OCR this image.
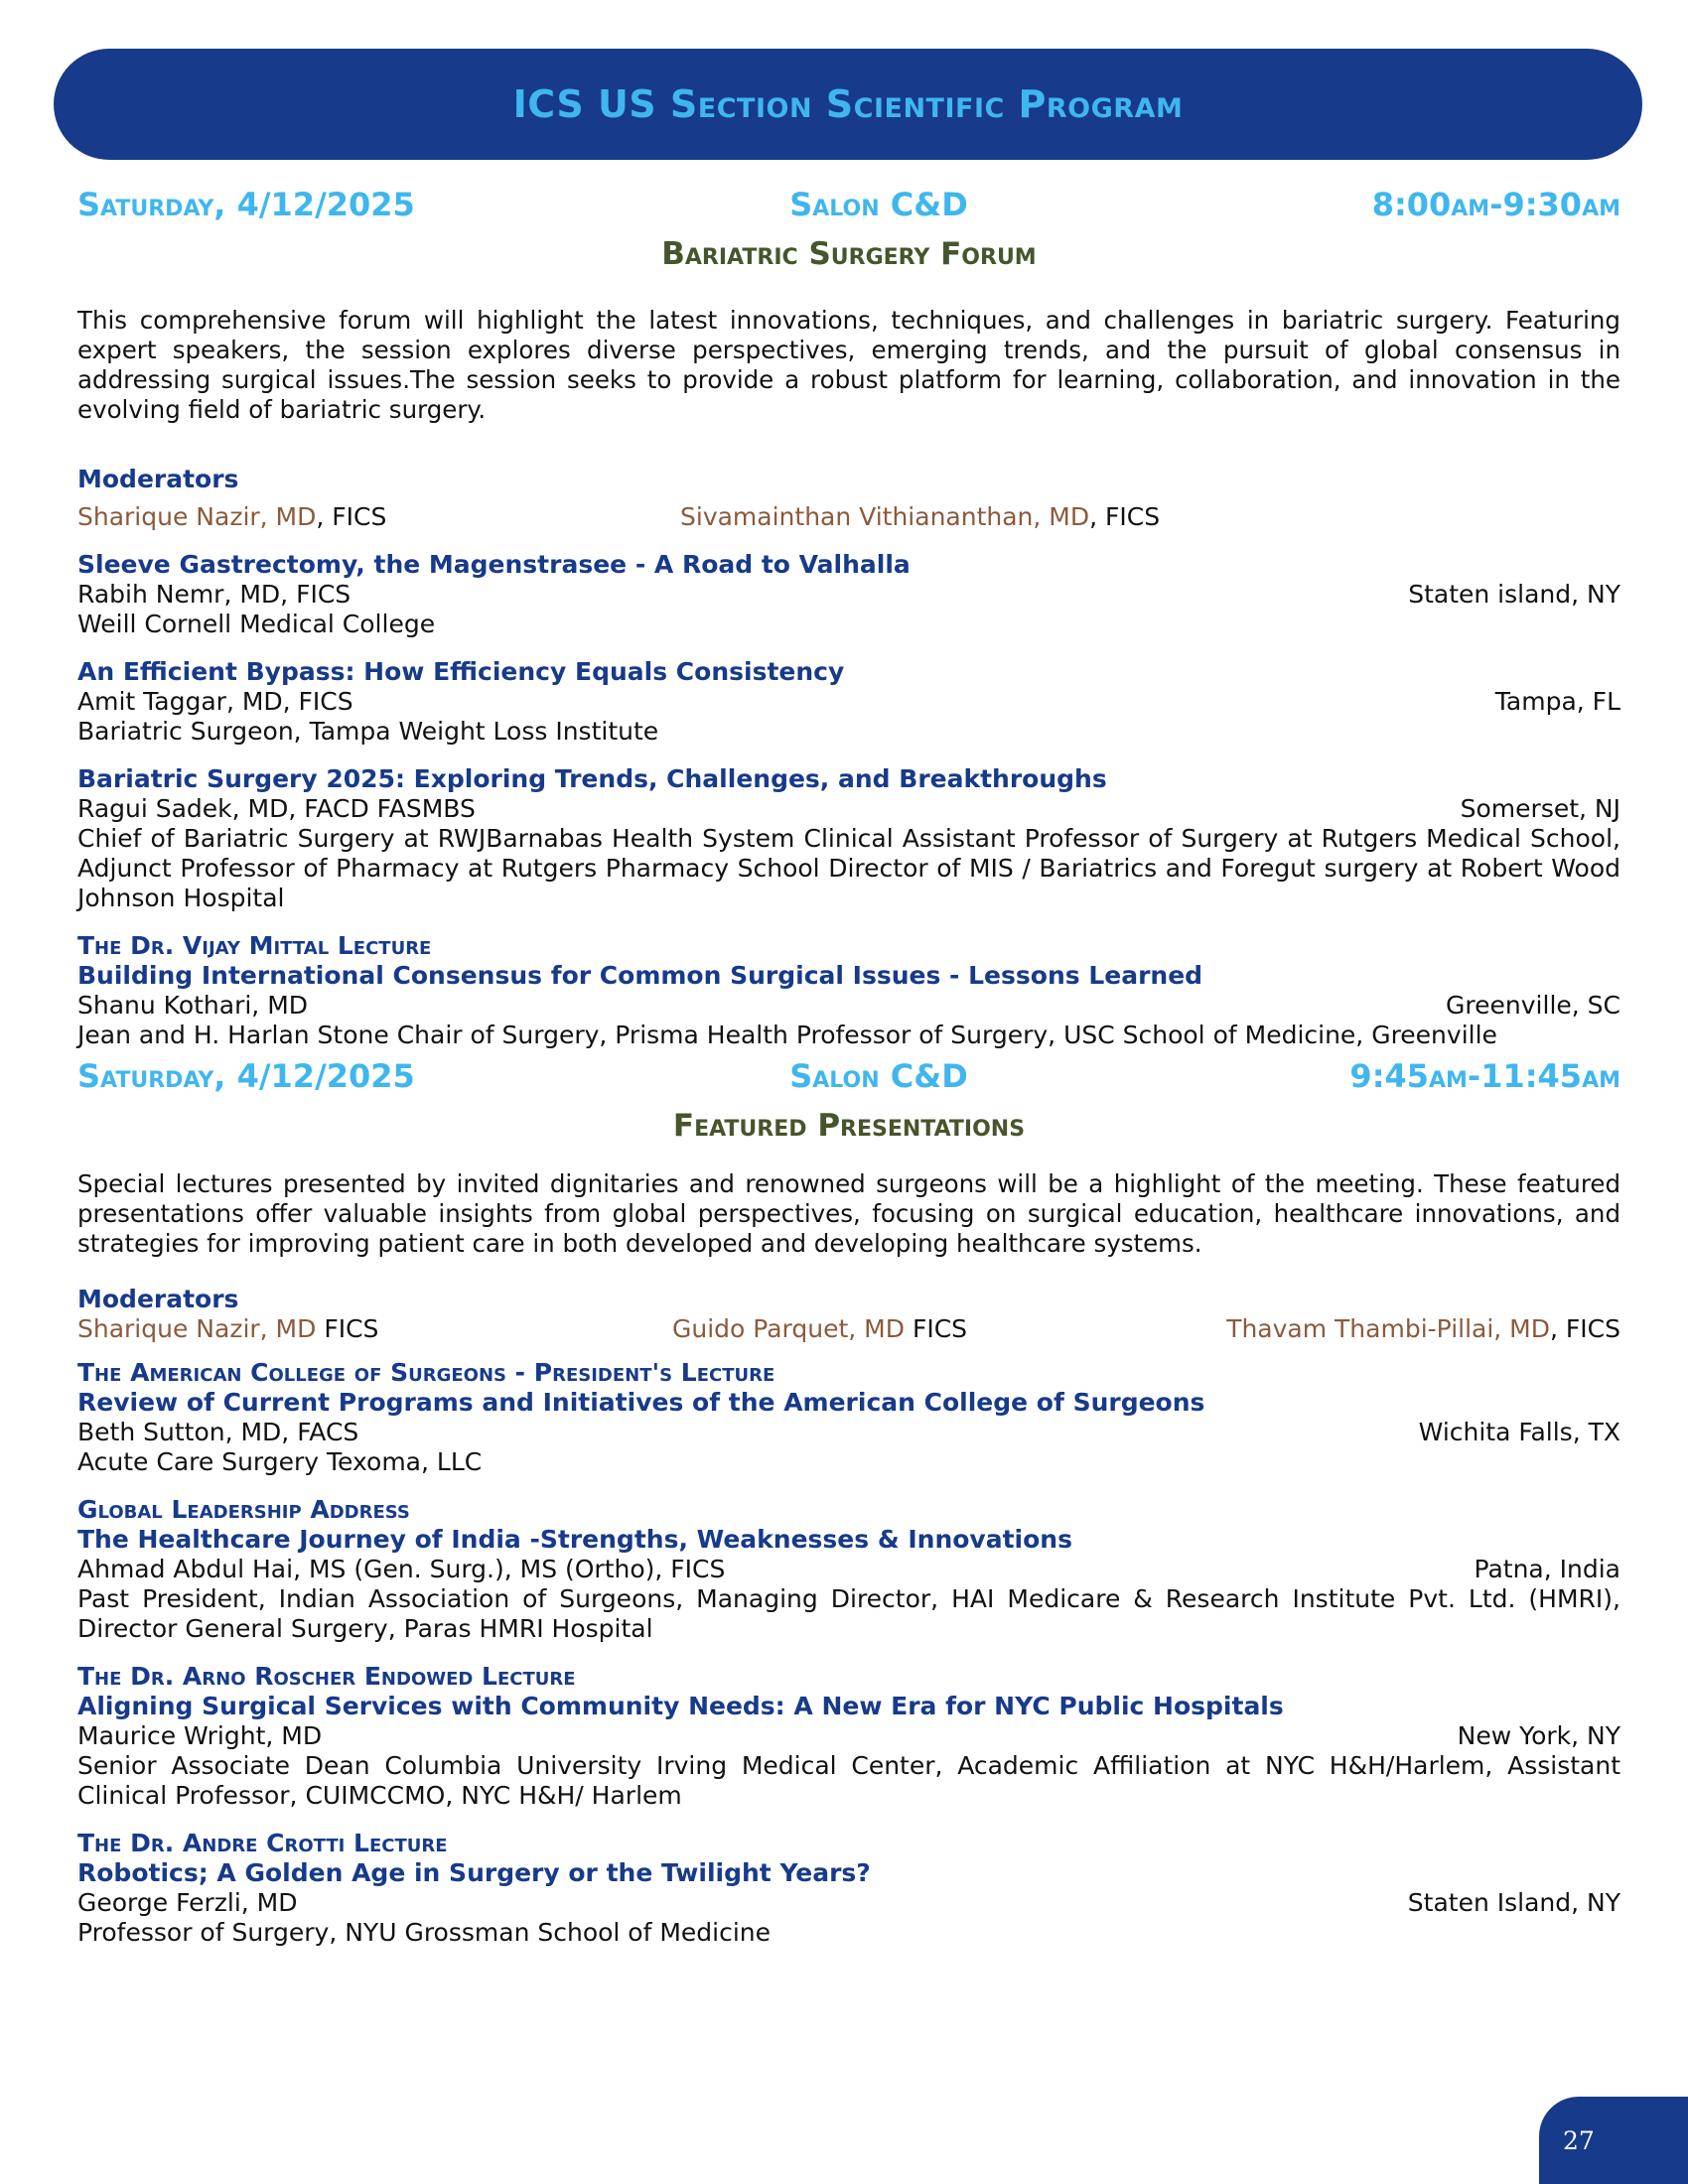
ICS US Section Scientific Program
Saturday, 4/12/2025	Salon C&D	8:00am-9:30am
Bariatric Surgery Forum
This comprehensive forum will highlight the latest innovations, techniques, and challenges in bariatric surgery. Featuring expert speakers, the session explores diverse perspectives, emerging trends, and the pursuit of global consensus in addressing surgical issues.The session seeks to provide a robust platform for learning, collaboration, and innovation in the evolving field of bariatric surgery.
Moderators
Sharique Nazir, MD, FICS	Sivamainthan Vithiananthan, MD, FICS
Sleeve Gastrectomy, the Magenstrasee - A Road to Valhalla
Rabih Nemr, MD, FICS	Staten island, NY
Weill Cornell Medical College
An Efficient Bypass: How Efficiency Equals Consistency
Amit Taggar, MD, FICS	Tampa, FL
Bariatric Surgeon, Tampa Weight Loss Institute
Bariatric Surgery 2025: Exploring Trends, Challenges, and Breakthroughs
Ragui Sadek, MD, FACD FASMBS	Somerset, NJ
Chief of Bariatric Surgery at RWJBarnabas Health System Clinical Assistant Professor of Surgery at Rutgers Medical School, Adjunct Professor of Pharmacy at Rutgers Pharmacy School Director of MIS / Bariatrics and Foregut surgery at Robert Wood Johnson Hospital
The Dr. Vijay Mittal Lecture
Building International Consensus for Common Surgical Issues - Lessons Learned
Shanu Kothari, MD	Greenville, SC
Jean and H. Harlan Stone Chair of Surgery, Prisma Health Professor of Surgery, USC School of Medicine, Greenville
Saturday, 4/12/2025	Salon C&D	9:45am-11:45am
Featured Presentations
Special lectures presented by invited dignitaries and renowned surgeons will be a highlight of the meeting. These featured presentations offer valuable insights from global perspectives, focusing on surgical education, healthcare innovations, and strategies for improving patient care in both developed and developing healthcare systems.
Moderators
Sharique Nazir, MD FICS	Guido Parquet, MD FICS	Thavam Thambi-Pillai, MD, FICS
The American College of Surgeons - President's Lecture
Review of Current Programs and Initiatives of the American College of Surgeons
Beth Sutton, MD, FACS	Wichita Falls, TX
Acute Care Surgery Texoma, LLC
Global Leadership Address
The Healthcare Journey of India -Strengths, Weaknesses & Innovations
Ahmad Abdul Hai, MS (Gen. Surg.), MS (Ortho), FICS	Patna, India
Past President, Indian Association of Surgeons, Managing Director, HAI Medicare & Research Institute Pvt. Ltd. (HMRI), Director General Surgery, Paras HMRI Hospital
The Dr. Arno Roscher Endowed Lecture
Aligning Surgical Services with Community Needs: A New Era for NYC Public Hospitals
Maurice Wright, MD	New York, NY
Senior Associate Dean Columbia University Irving Medical Center, Academic Affiliation at NYC H&H/Harlem, Assistant Clinical Professor, CUIMCCMO, NYC H&H/ Harlem
The Dr. Andre Crotti Lecture
Robotics; A Golden Age in Surgery or the Twilight Years?
George Ferzli, MD	Staten Island, NY
Professor of Surgery, NYU Grossman School of Medicine
27
